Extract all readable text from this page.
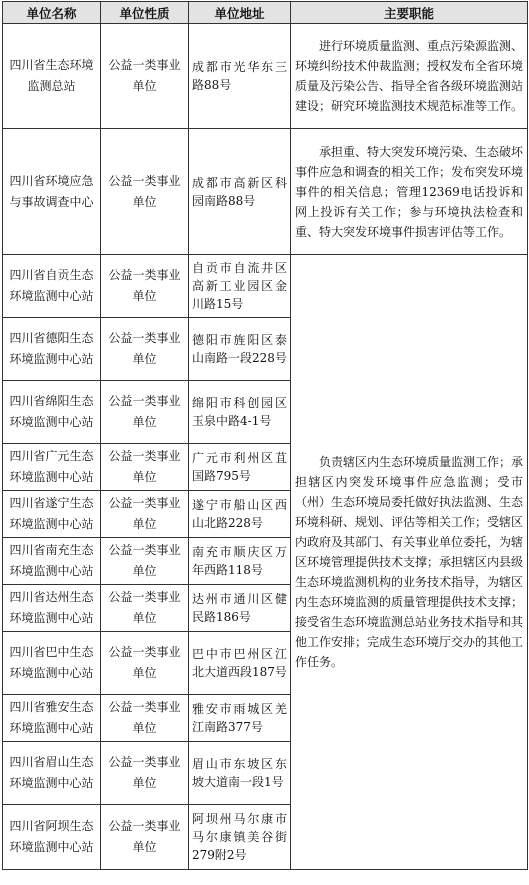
单位名称	单位性质	单位地址	主要职能
四川省生态环境监测总站	公益一类事业单位	成都市光华东三路88号	进行环境质量监测、重点污染源监测、环境纠纷技术仲裁监测；授权发布全省环境质量及污染公告、指导全省各级环境监测站建设；研究环境监测技术规范标准等工作。

四川省环境应急与事故调查中心	公益一类事业单位	成都市高新区科园南路88号	承担重、特大突发环境污染、生态破坏事件应急和调查的相关工作；发布突发环境事件的相关信息；管理12369电话投诉和网上投诉有关工作；参与环境执法检查和重、特大突发环境事件损害评估等工作。

四川省自贡生态环境监测中心站	公益一类事业单位	自贡市自流井区高新工业园区金川路15号	负责辖区内生态环境质量监测工作；承担辖区内突发环境事件应急监测；受市（州）生态环境局委托做好执法监测、生态环境科研、规划、评估等相关工作；受辖区内政府及其部门、有关事业单位委托，为辖区环境管理提供技术支撑；承担辖区内县级生态环境监测机构的业务技术指导，为辖区内生态环境监测的质量管理提供技术支撑；接受省生态环境监测总站业务技术指导和其他工作安排；完成生态环境厅交办的其他工作任务。

四川省德阳生态环境监测中心站	公益一类事业单位	德阳市旌阳区泰山南路一段228号	
四川省绵阳生态环境监测中心站	公益一类事业单位	绵阳市科创园区玉泉中路4-1号	
四川省广元生态环境监测中心站	公益一类事业单位	广元市利州区苴国路795号	
四川省遂宁生态环境监测中心站	公益一类事业单位	遂宁市船山区西山北路228号	
四川省南充生态环境监测中心站	公益一类事业单位	南充市顺庆区万年西路118号	
四川省达州生态环境监测中心站	公益一类事业单位	达州市通川区健民路186号	
四川省巴中生态环境监测中心站	公益一类事业单位	巴中市巴州区江北大道西段187号	
四川省雅安生态环境监测中心站	公益一类事业单位	雅安市雨城区羌江南路377号	
四川省眉山生态环境监测中心站	公益一类事业单位	眉山市东坡区东坡大道南一段1号	
四川省阿坝生态环境监测中心站	公益一类事业单位	阿坝州马尔康市马尔康镇美谷街279附2号	
